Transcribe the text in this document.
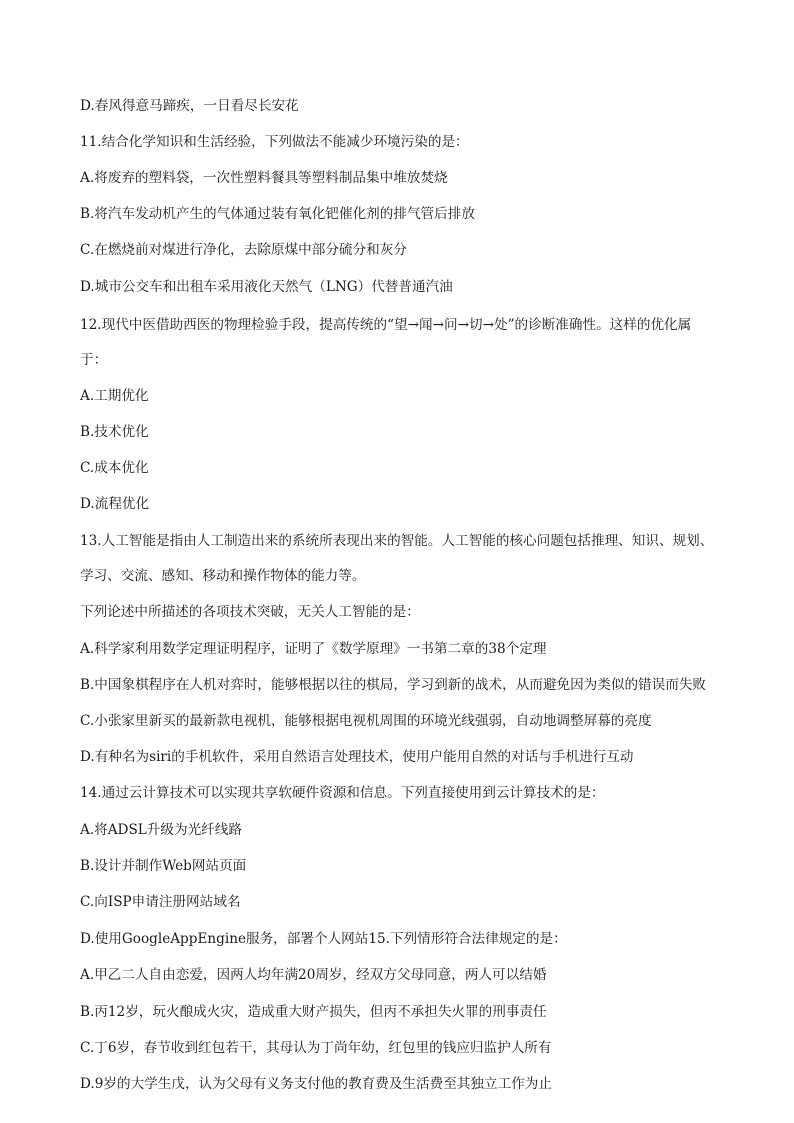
D.春风得意马蹄疾，一日看尽长安花
11.结合化学知识和生活经验，下列做法不能减少环境污染的是：
A.将废弃的塑料袋，一次性塑料餐具等塑料制品集中堆放焚烧
B.将汽车发动机产生的气体通过装有氧化钯催化剂的排气管后排放
C.在燃烧前对煤进行净化，去除原煤中部分硫分和灰分
D.城市公交车和出租车采用液化天然气（LNG）代替普通汽油
12.现代中医借助西医的物理检验手段，提高传统的“望→闻→问→切→处”的诊断准确性。这样的优化属
于：
A.工期优化
B.技术优化
C.成本优化
D.流程优化
13.人工智能是指由人工制造出来的系统所表现出来的智能。人工智能的核心问题包括推理、知识、规划、
学习、交流、感知、移动和操作物体的能力等。
下列论述中所描述的各项技术突破，无关人工智能的是：
A.科学家利用数学定理证明程序，证明了《数学原理》一书第二章的38个定理
B.中国象棋程序在人机对弈时，能够根据以往的棋局，学习到新的战术，从而避免因为类似的错误而失败
C.小张家里新买的最新款电视机，能够根据电视机周围的环境光线强弱，自动地调整屏幕的亮度
D.有种名为siri的手机软件，采用自然语言处理技术，使用户能用自然的对话与手机进行互动
14.通过云计算技术可以实现共享软硬件资源和信息。下列直接使用到云计算技术的是：
A.将ADSL升级为光纤线路
B.设计并制作Web网站页面
C.向ISP申请注册网站域名
D.使用GoogleAppEngine服务，部署个人网站15.下列情形符合法律规定的是：
A.甲乙二人自由恋爱，因两人均年满20周岁，经双方父母同意，两人可以结婚
B.丙12岁，玩火酿成火灾，造成重大财产损失，但丙不承担失火罪的刑事责任
C.丁6岁，春节收到红包若干，其母认为丁尚年幼，红包里的钱应归监护人所有
D.9岁的大学生戊，认为父母有义务支付他的教育费及生活费至其独立工作为止
